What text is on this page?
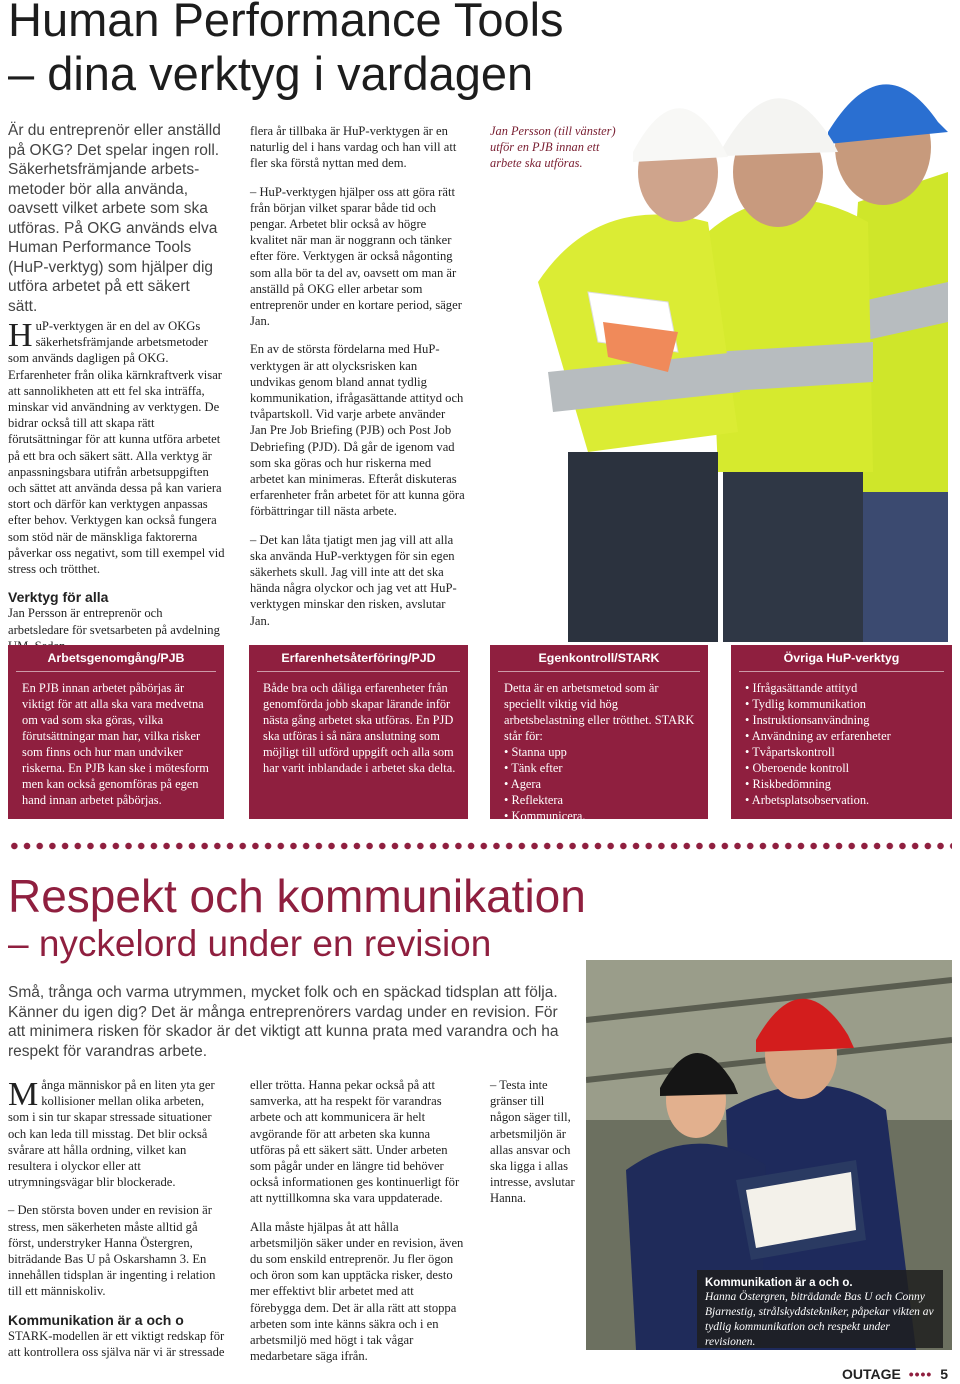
Human Performance Tools
– dina verktyg i vardagen
Är du entreprenör eller anställd på OKG? Det spelar ingen roll. Säkerhetsfrämjande arbets-metoder bör alla använda, oavsett vilket arbete som ska utföras. På OKG används elva Human Performance Tools (HuP-verktyg) som hjälper dig utföra arbetet på ett säkert sätt.
HuP-verktygen är en del av OKGs säkerhetsfrämjande arbetsmetoder som används dagligen på OKG. Erfarenheter från olika kärnkraftverk visar att sannolikheten att ett fel ska inträffa, minskar vid användning av verktygen. De bidrar också till att skapa rätt förutsättningar för att kunna utföra arbetet på ett bra och säkert sätt. Alla verktyg är anpassningsbara utifrån arbetsuppgiften och sättet att använda dessa på kan variera stort och därför kan verktygen anpassas efter behov. Verktygen kan också fungera som stöd när de mänskliga faktorerna påverkar oss negativt, som till exempel vid stress och trötthet.
Verktyg för alla

Jan Persson är entreprenör och arbetsledare för svetsarbeten på avdelning

flera år tillbaka är HuP-verktygen är en naturlig del i hans vardag och han vill att fler ska förstå nyttan med dem.

– HuP-verktygen hjälper oss att göra rätt från början vilket sparar både tid och pengar. Arbetet blir också av högre kvalitet när man är noggrann och tänker efter före. Verktygen är också någonting som alla bör ta del av, oavsett om man är anställd på OKG eller arbetar som entreprenör under en kortare period, säger Jan.

En av de största fördelarna med HuP-verktygen är att olycksrisken kan undvikas genom bland annat tydlig kommunikation, ifrågasättande attityd och tvåpartskoll. Vid varje arbete använder Jan Pre Job Briefing (PJB) och Post Job Debriefing (PJD). Då går de igenom vad som ska göras och hur riskerna med arbetet kan minimeras. Efteråt diskuteras erfarenheter från arbetet för att kunna göra förbättringar till nästa arbete.

– Det kan låta tjatigt men jag vill att alla ska använda HuP-verktygen för sin egen säkerhets skull. Jag vill inte att det ska hända några olyckor och jag vet att HuP-verktygen minskar den risken, avslutar Jan.

Jan Persson (till vänster) utför en PJB innan ett arbete ska utföras.
Arbetsgenomgång/PJB
En PJB innan arbetet påbörjas är viktigt för att alla ska vara medvetna om vad som ska göras, vilka förutsättningar man har, vilka risker som finns och hur man undviker riskerna. En PJB kan ske i mötesform men kan också genomföras på egen hand innan arbetet påbörjas.
Erfarenhetsåterföring/PJD
Både bra och dåliga erfarenheter från genomförda jobb skapar lärande inför nästa gång arbetet ska utföras. En PJD ska utföras i så nära anslutning som möjligt till utförd uppgift och alla som har varit inblandade i arbetet ska delta.
Egenkontroll/STARK
Detta är en arbetsmetod som är speciellt viktig vid hög arbetsbelastning eller trötthet. STARK står för:
• Stanna upp
• Tänk efter
• Agera
• Reflektera
• Kommunicera.
Övriga HuP-verktyg
• Ifrågasättande attityd
• Tydlig kommunikation
• Instruktionsanvändning
• Användning av erfarenheter
• Tvåpartskontroll
• Oberoende kontroll
• Riskbedömning
• Arbetsplatsobservation.
Respekt och kommunikation
– nyckelord under en revision
Små, trånga och varma utrymmen, mycket folk och en späckad tidsplan att följa. Känner du igen dig? Det är många entreprenörers vardag under en revision. För att minimera risken för skador är det viktigt att kunna prata med varandra och ha respekt för varandras arbete.
Kommunikation är a och o.
Hanna Östergren, biträdande Bas U och Conny Bjarnestig, strålskyddstekniker, påpekar vikten av tydlig kommunikation och respekt under revisionen.
Många människor på en liten yta ger kollisioner mellan olika arbeten, som i sin tur skapar stressade situationer och kan leda till misstag. Det blir också svårare att hålla ordning, vilket kan resultera i olyckor eller att utrymningsvägar blir blockerade.

– Den största boven under en revision är stress, men säkerheten måste alltid gå först, understryker Hanna Östergren, biträdande Bas U på Oskarshamn 3. En innehållen tidsplan är ingenting i relation till ett människoliv.

Kommunikation är a och o

STARK-modellen är ett viktigt redskap för att kontrollera oss själva när vi är stressade

eller trötta. Hanna pekar också på att samverka, att ha respekt för varandras arbete och att kommunicera är helt avgörande för att arbeten ska kunna utföras på ett säkert sätt. Under arbeten som pågår under en längre tid behöver också informationen ges kontinuerligt för att nyttillkomna ska vara uppdaterade.

Alla måste hjälpas åt att hålla arbetsmiljön säker under en revision, även du som enskild entreprenör. Ju fler ögon och öron som kan upptäcka risker, desto mer effektivt blir arbetet med att förebygga dem. Det är alla rätt att stoppa arbeten som inte känns säkra och i en arbetsmiljö med högt i tak vågar medarbetare säga ifrån.

– Testa inte gränser till någon säger till, arbetsmiljön är allas ansvar och ska ligga i allas intresse, avslutar Hanna.
OUTAGE •••• 5
